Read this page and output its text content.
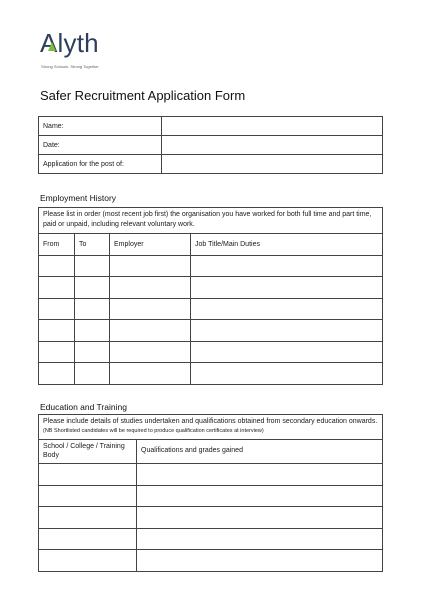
Alyth
Strong Schools. Strong Together.
Safer Recruitment Application Form
Name:	
Date:	
Application for the post of:	
Employment History
Please list in order (most recent job first) the organisation you have worked for both full time and part time, paid or unpaid, including relevant voluntary work.			
From	To	Employer	Job Title/Main Duties

Education and Training
Please include details of studies undertaken and qualifications obtained from secondary education onwards. (NB Shortlisted candidates will be required to produce qualification certificates at interview)	
School / College / Training Body	Qualifications and grades gained
